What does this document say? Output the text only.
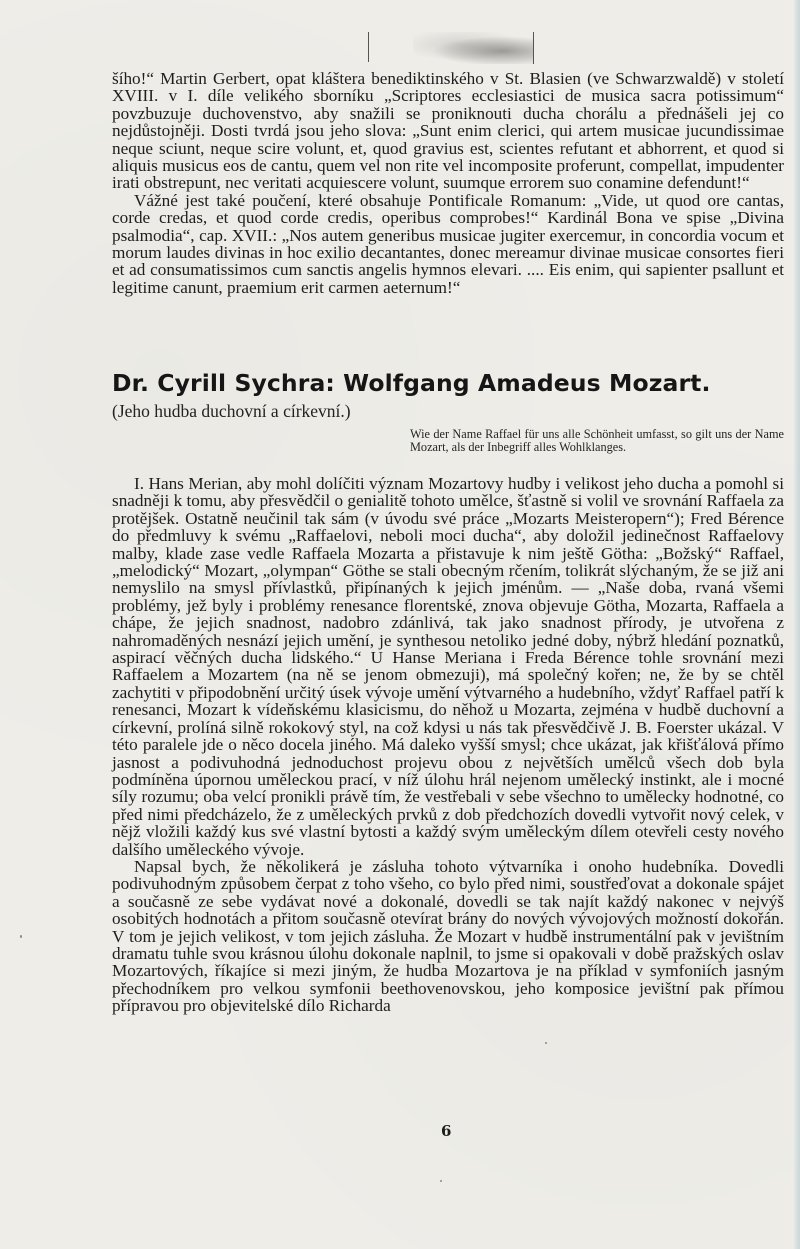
šího!“ Martin Gerbert, opat kláštera benediktinského v St. Blasien (ve Schwarzwaldě) v století XVIII. v I. díle velikého sborníku „Scriptores ecclesiastici de musica sacra potissimum“ povzbuzuje duchovenstvo, aby snažili se proniknouti ducha chorálu a přednášeli jej co nejdůstojněji. Dosti tvrdá jsou jeho slova: „Sunt enim clerici, qui artem musicae jucundissimae neque sciunt, neque scire volunt, et, quod gravius est, scientes refutant et abhorrent, et quod si aliquis musicus eos de cantu, quem vel non rite vel incomposite proferunt, compellat, impudenter irati obstrepunt, nec veritati acquiescere volunt, suumque errorem suo conamine defendunt!“

Vážné jest také poučení, které obsahuje Pontificale Romanum: „Vide, ut quod ore cantas, corde credas, et quod corde credis, operibus comprobes!“ Kardinál Bona ve spise „Divina psalmodia“, cap. XVII.: „Nos autem generibus musicae jugiter exercemur, in concordia vocum et morum laudes divinas in hoc exilio decantantes, donec mereamur divinae musicae consortes fieri et ad consumatissimos cum sanctis angelis hymnos elevari. .... Eis enim, qui sapienter psallunt et legitime canunt, praemium erit carmen aeternum!“

Dr. Cyrill Sychra: Wolfgang Amadeus Mozart.
(Jeho hudba duchovní a církevní.)
Wie der Name Raffael für uns alle Schönheit umfasst, so gilt uns der Name Mozart, als der Inbegriff alles Wohlklanges.

I. Hans Merian, aby mohl dolíčiti význam Mozartovy hudby i velikost jeho ducha a pomohl si snadněji k tomu, aby přesvědčil o genialitě tohoto umělce, šťastně si volil ve srovnání Raffaela za protějšek. Ostatně neučinil tak sám (v úvodu své práce „Mozarts Meisteropern“); Fred Bérence do předmluvy k svému „Raffaelovi, neboli moci ducha“, aby doložil jedinečnost Raffaelovy malby, klade zase vedle Raffaela Mozarta a přistavuje k nim ještě Götha: „Božský“ Raffael, „melodický“ Mozart, „olympan“ Göthe se stali obecným rčením, tolikrát slýchaným, že se již ani nemyslilo na smysl přívlastků, připínaných k jejich jménům. — „Naše doba, rvaná všemi problémy, jež byly i problémy renesance florentské, znova objevuje Götha, Mozarta, Raffaela a chápe, že jejich snadnost, nadobro zdánlivá, tak jako snadnost přírody, je utvořena z nahromaděných nesnází jejich umění, je synthesou netoliko jedné doby, nýbrž hledání poznatků, aspirací věčných ducha lidského.“ U Hanse Meriana i Freda Bérence tohle srovnání mezi Raffaelem a Mozartem (na ně se jenom obmezuji), má společný kořen; ne, že by se chtěl zachytiti v připodobnění určitý úsek vývoje umění výtvarného a hudebního, vždyť Raffael patří k renesanci, Mozart k vídeňskému klasicismu, do něhož u Mozarta, zejména v hudbě duchovní a církevní, prolíná silně rokokový styl, na což kdysi u nás tak přesvědčivě J. B. Foerster ukázal. V této paralele jde o něco docela jiného. Má daleko vyšší smysl; chce ukázat, jak křišťálová přímo jasnost a podivuhodná jednoduchost projevu obou z největších umělců všech dob byla podmíněna úpornou uměleckou prací, v níž úlohu hrál nejenom umělecký instinkt, ale i mocné síly rozumu; oba velcí pronikli právě tím, že vestřebali v sebe všechno to umělecky hodnotné, co před nimi předcházelo, že z uměleckých prvků z dob předchozích dovedli vytvořit nový celek, v nějž vložili každý kus své vlastní bytosti a každý svým uměleckým dílem otevřeli cesty nového dalšího uměleckého vývoje.

Napsal bych, že několikerá je zásluha tohoto výtvarníka i onoho hudebníka. Dovedli podivuhodným způsobem čerpat z toho všeho, co bylo před nimi, soustřeďovat a dokonale spájet a současně ze sebe vydávat nové a dokonalé, dovedli se tak najít každý nakonec v nejvýš osobitých hodnotách a přitom současně otevírat brány do nových vývojových možností dokořán. V tom je jejich velikost, v tom jejich zásluha. Že Mozart v hudbě instrumentální pak v jevištním dramatu tuhle svou krásnou úlohu dokonale naplnil, to jsme si opakovali v době pražských oslav Mozartových, říkajíce si mezi jiným, že hudba Mozartova je na příklad v symfoniích jasným přechodníkem pro velkou symfonii beethovenovskou, jeho komposice jevištní pak přímou přípravou pro objevitelské dílo Richarda

6
